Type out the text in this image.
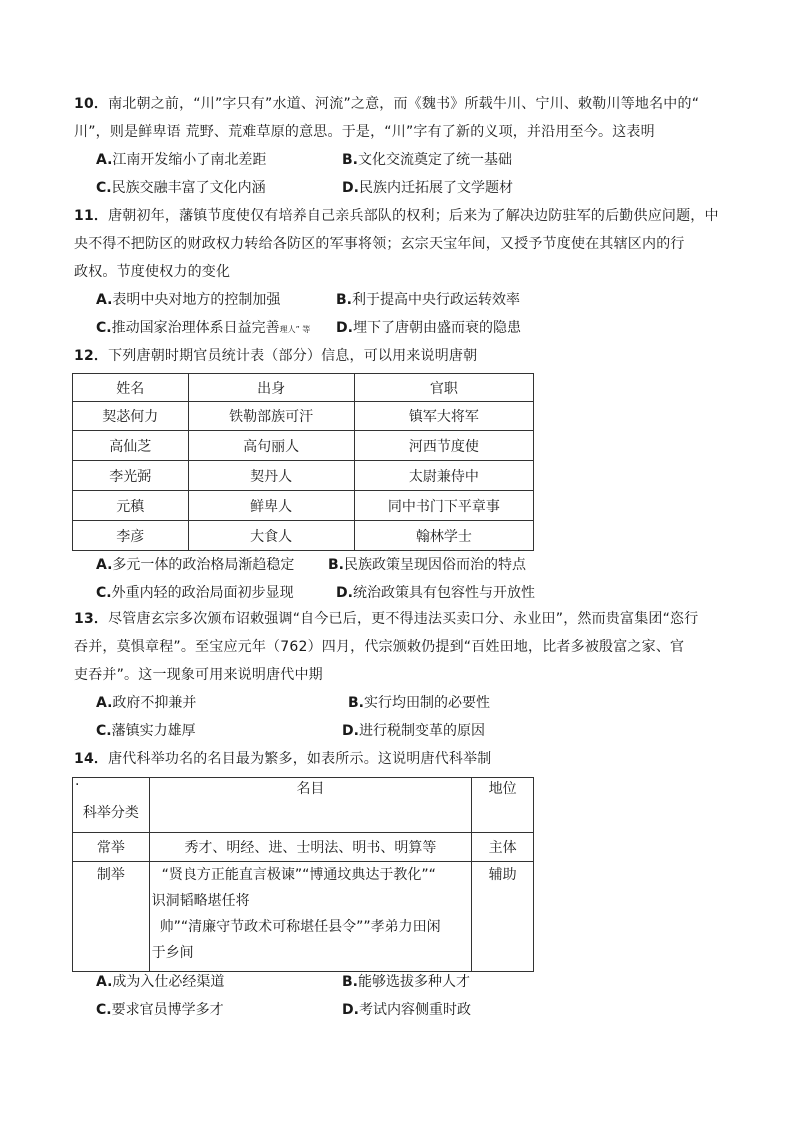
10．南北朝之前，“川”字只有”水道、河流”之意，而《魏书》所载牛川、宁川、敕勒川等地名中的“
川”，则是鲜卑语 荒野、荒难草原的意思。于是，“川”字有了新的义项，并沿用至今。这表明
A.江南开发缩小了南北差距	B.文化交流奠定了统一基础
C.民族交融丰富了文化内涵	D.民族内迁拓展了文学题材
11．唐朝初年，藩镇节度使仅有培养自己亲兵部队的权利；后来为了解决边防驻军的后勤供应问题，中
央不得不把防区的财政权力转给各防区的军事将领；玄宗天宝年间，又授予节度使在其辖区内的行
政权。节度使权力的变化
A.表明中央对地方的控制加强	B.利于提高中央行政运转效率
C.推动国家治理体系日益完善理人” 等 D.埋下了唐朝由盛而衰的隐患
12．下列唐朝时期官员统计表（部分）信息，可以用来说明唐朝
姓名	出身	官职
契苾何力	铁勒部族可汗	镇军大将军
高仙芝	高句丽人	河西节度使
李光弼	契丹人	太尉兼侍中
元稹	鲜卑人	同中书门下平章事
李彦	大食人	翰林学士
A.多元一体的政治格局渐趋稳定 B.民族政策呈现因俗而治的特点
C.外重内轻的政治局面初步显现	D.统治政策具有包容性与开放性
13．尽管唐玄宗多次颁布诏敕强调“自今已后，更不得违法买卖口分、永业田”，然而贵富集团“恣行
吞并，莫惧章程”。至宝应元年（762）四月，代宗颁敕仍提到“百姓田地，比者多被殷富之家、官
吏吞并”。这一现象可用来说明唐代中期
A.政府不抑兼并	B.实行均田制的必要性
C.藩镇实力雄厚	D.进行税制变革的原因
14．唐代科举功名的名目最为繁多，如表所示。这说明唐代科举制
·
科举分类	名目	地位
常举	秀才、明经、进、士明法、明书、明算等	主体
制举	“贤良方正能直言极谏”“博通坟典达于教化”“
识洞韬略堪任将
帅”“清廉守节政术可称堪任县令””孝弟力田闲
于乡间	辅助
A.成为入仕必经渠道	B.能够选拔多种人才
C.要求官员博学多才	D.考试内容侧重时政
